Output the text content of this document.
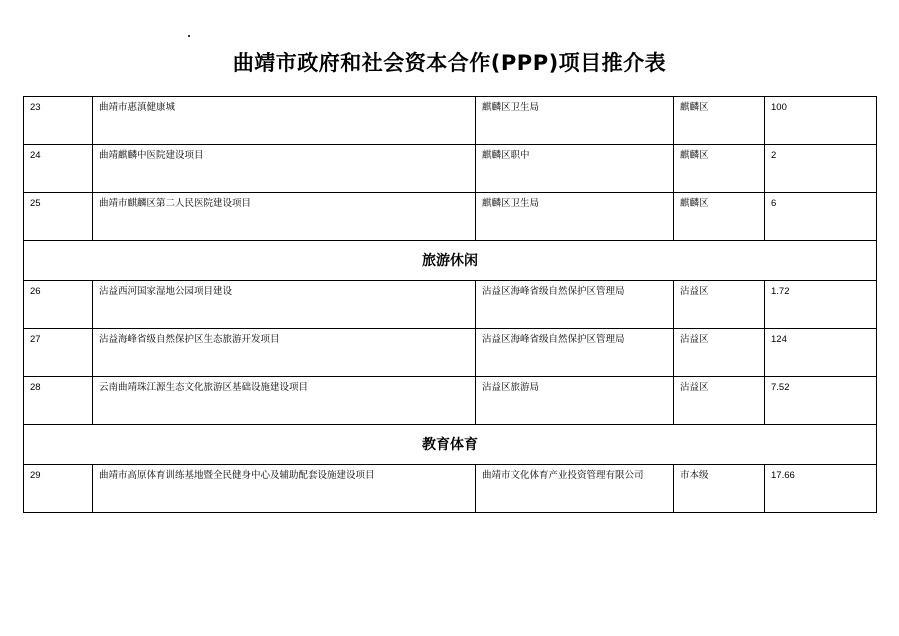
曲靖市政府和社会资本合作(PPP)项目推介表
23	曲靖市惠滇健康城	麒麟区卫生局	麒麟区	100
24	曲靖麒麟中医院建设项目	麒麟区职中	麒麟区	2
25	曲靖市麒麟区第二人民医院建设项目	麒麟区卫生局	麒麟区	6
旅游休闲				
26	沾益西河国家湿地公园项目建设	沾益区海峰省级自然保护区管理局	沾益区	1.72
27	沾益海峰省级自然保护区生态旅游开发项目	沾益区海峰省级自然保护区管理局	沾益区	124
28	云南曲靖珠江源生态文化旅游区基础设施建设项目	沾益区旅游局	沾益区	7.52
教育体育				
29	曲靖市高原体育训练基地暨全民健身中心及辅助配套设施建设项目	曲靖市文化体育产业投资管理有限公司	市本级	17.66
